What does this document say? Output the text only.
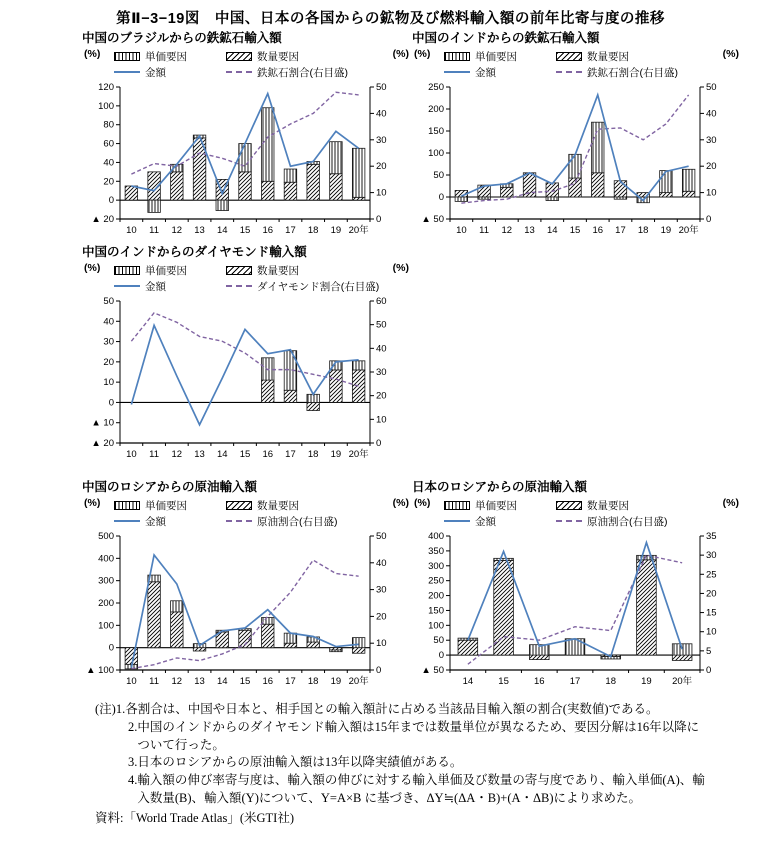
第Ⅱ−3−19図　中国、日本の各国からの鉱物及び燃料輸入額の前年比寄与度の推移
中国のブラジルからの鉄鉱石輸入額
(%)	単価要因
金額
数量要因
鉄鉱石割合(右目盛)
(%)
▲ 20
0
20
40
60
80
100
120
0
10
20
30
40
50
10 11 12 13 14 15 16 17 18 19 20年
中国のインドからの鉄鉱石輸入額
(%)	単価要因
金額
数量要因
鉄鉱石割合(右目盛)
(%)
▲ 50
0
50
100
150
200
250
0
10
20
30
40
50
10 11 12 13 14 15 16 17 18 19 20年
中国のインドからのダイヤモンド輸入額
(%)	単価要因
金額
数量要因
ダイヤモンド割合(右目盛)
(%)
▲ 20
▲ 10
0
10
20
30
40
50
0
10
20
30
40
50
60
10 11 12 13 14 15 16 17 18 19 20年
中国のロシアからの原油輸入額
(%)	単価要因
金額
数量要因
原油割合(右目盛)
(%)
▲ 100
0
100
200
300
400
500
0
10
20
30
40
50
10 11 12 13 14 15 16 17 18 19 20年
日本のロシアからの原油輸入額
(%)	単価要因
金額
数量要因
原油割合(右目盛)
(%)
▲ 50
0
50
100
150
200
250
300
350
400
0
5
10
15
20
25
30
35
14	15	16	17	18	19 20年
(注)1. 各割合は、中国や日本と、相手国との輸入額計に占める当該品目輸入額の割合(実数値)である。
2. 中国のインドからのダイヤモンド輸入額は15年までは数量単位が異なるため、要因分解は16年以降について行った。
3. 日本のロシアからの原油輸入額は13年以降実績値がある。
4. 輸入額の伸び率寄与度は、輸入額の伸びに対する輸入単価及び数量の寄与度であり、輸入単価(A)、輸入数量(B)、輸入額(Y)について、Y=A×B に基づき、ΔY≒(ΔA・B)+(A・ΔB)により求めた。
資料:「World Trade Atlas」(米GTI社)
